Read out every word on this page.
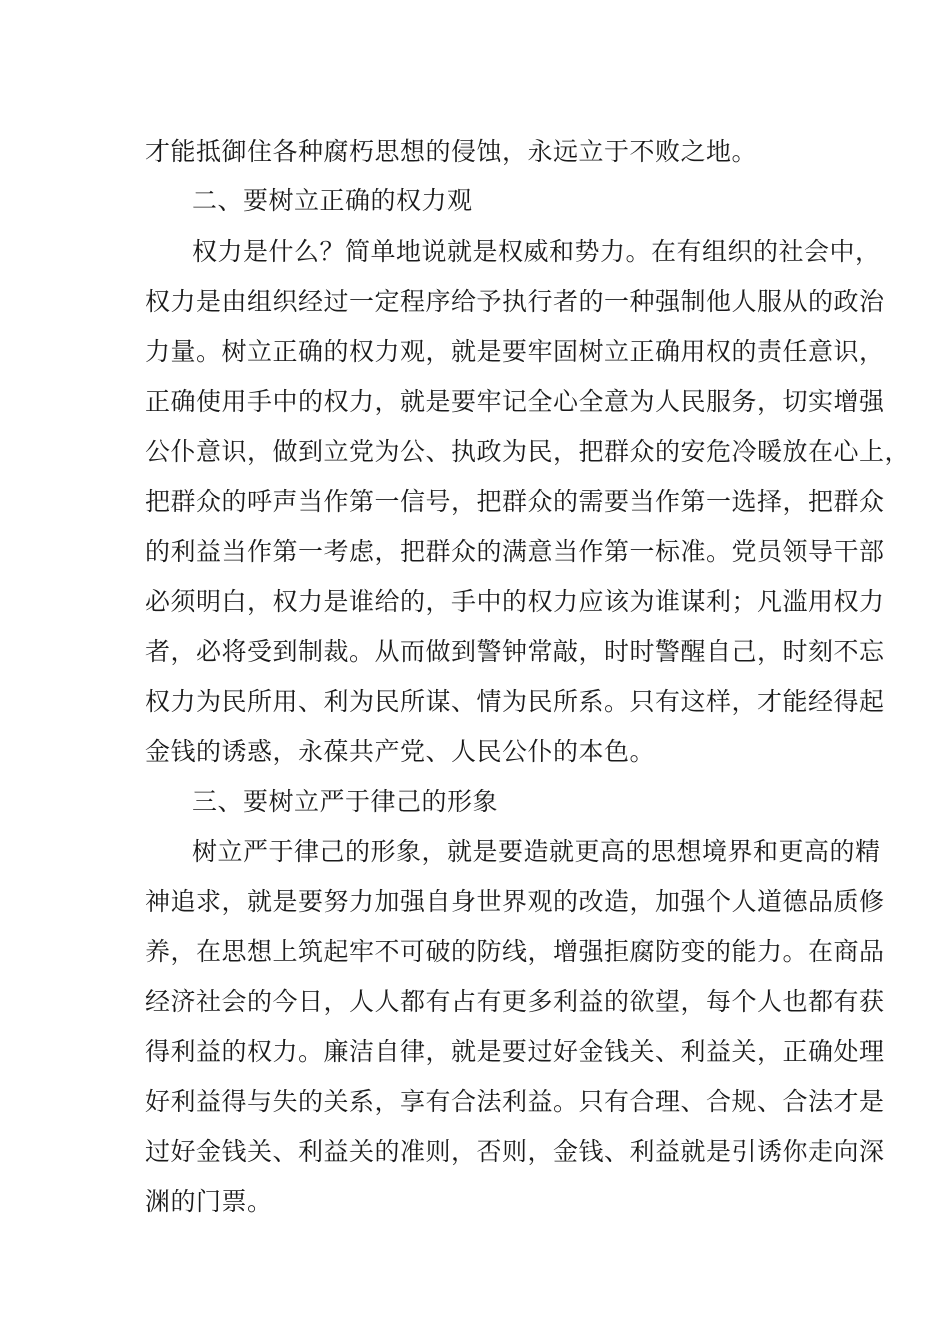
才能抵御住各种腐朽思想的侵蚀，永远立于不败之地。
二、要树立正确的权力观
权力是什么？简单地说就是权威和势力。在有组织的社会中，
权力是由组织经过一定程序给予执行者的一种强制他人服从的政治
力量。树立正确的权力观，就是要牢固树立正确用权的责任意识，
正确使用手中的权力，就是要牢记全心全意为人民服务，切实增强
公仆意识，做到立党为公、执政为民，把群众的安危冷暖放在心上，
把群众的呼声当作第一信号，把群众的需要当作第一选择，把群众
的利益当作第一考虑，把群众的满意当作第一标准。党员领导干部
必须明白，权力是谁给的，手中的权力应该为谁谋利；凡滥用权力
者，必将受到制裁。从而做到警钟常敲，时时警醒自己，时刻不忘
权力为民所用、利为民所谋、情为民所系。只有这样，才能经得起
金钱的诱惑，永葆共产党、人民公仆的本色。
三、要树立严于律己的形象
树立严于律己的形象，就是要造就更高的思想境界和更高的精
神追求，就是要努力加强自身世界观的改造，加强个人道德品质修
养，在思想上筑起牢不可破的防线，增强拒腐防变的能力。在商品
经济社会的今日，人人都有占有更多利益的欲望，每个人也都有获
得利益的权力。廉洁自律，就是要过好金钱关、利益关，正确处理
好利益得与失的关系，享有合法利益。只有合理、合规、合法才是
过好金钱关、利益关的准则，否则，金钱、利益就是引诱你走向深
渊的门票。
